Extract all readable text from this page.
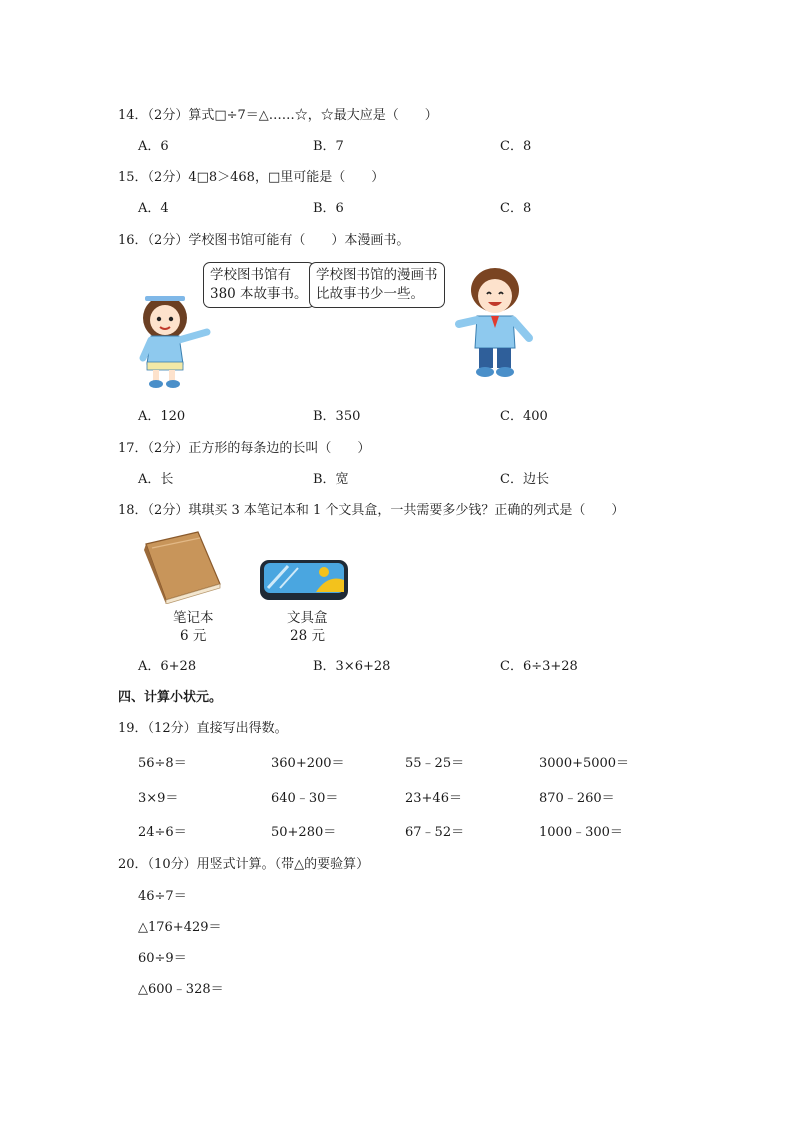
14．（2分）算式□÷7＝△……☆，☆最大应是（　　）
A．6	B．7	C．8
15．（2分）4□8＞468，□里可能是（　　）
A．4	B．6	C．8
16．（2分）学校图书馆可能有（　　）本漫画书。
学校图书馆有
380 本故事书。
学校图书馆的漫画书
比故事书少一些。
A．120	B．350	C．400
17．（2分）正方形的每条边的长叫（　　）
A．长	B．宽	C．边长
18．（2分）琪琪买 3 本笔记本和 1 个文具盒，一共需要多少钱？正确的列式是（　　）
笔记本
6 元
文具盒
28 元
A．6+28	B．3×6+28	C．6÷3+28
四、计算小状元。
19．（12分）直接写出得数。
56÷8＝	360+200＝	55﹣25＝	3000+5000＝
3×9＝	640﹣30＝	23+46＝	870﹣260＝
24÷6＝	50+280＝	67﹣52＝	1000﹣300＝
20．（10分）用竖式计算。（带△的要验算）
46÷7＝
△176+429＝
60÷9＝
△600﹣328＝
